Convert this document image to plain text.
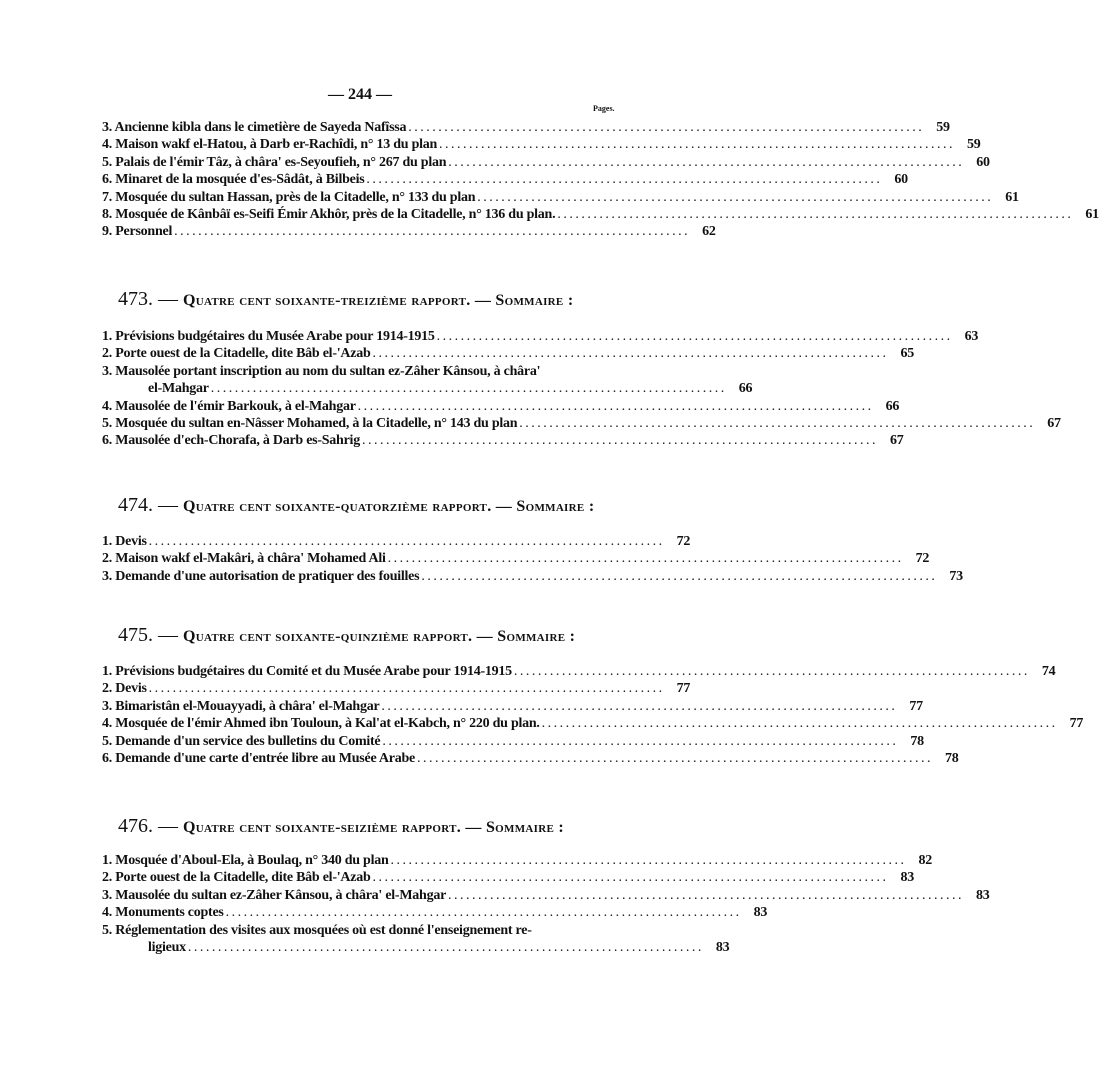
— 244 —
Pages.
3. Ancienne kibla dans le cimetière de Sayeda Nafîssa . . .	59
4. Maison wakf el-Hatou, à Darb er-Rachîdi, n° 13 du plan . . .	59
5. Palais de l'émir Tâz, à châra' es-Seyoufieh, n° 267 du plan . . .	60
6. Minaret de la mosquée d'es-Sâdât, à Bilbeis . . .	60
7. Mosquée du sultan Hassan, près de la Citadelle, n° 133 du plan . . .	61
8. Mosquée de Kânbâï es-Seifi Émir Akhôr, près de la Citadelle, n° 136 du plan. . . .	61
9. Personnel . . .	62
473. — Quatre cent soixante-treizième rapport. — Sommaire :
1. Prévisions budgétaires du Musée Arabe pour 1914-1915 . . .	63
2. Porte ouest de la Citadelle, dite Bâb el-'Azab . . .	65
3. Mausolée portant inscription au nom du sultan ez-Zâher Kânsou, à châra'
el-Mahgar . . .	66
4. Mausolée de l'émir Barkouk, à el-Mahgar . . .	66
5. Mosquée du sultan en-Nâsser Mohamed, à la Citadelle, n° 143 du plan . . .	67
6. Mausolée d'ech-Chorafa, à Darb es-Sahrig . . .	67
474. — Quatre cent soixante-quatorzième rapport. — Sommaire :
1. Devis . . .	72
2. Maison wakf el-Makâri, à châra' Mohamed Ali . . .	72
3. Demande d'une autorisation de pratiquer des fouilles . . .	73
475. — Quatre cent soixante-quinzième rapport. — Sommaire :
1. Prévisions budgétaires du Comité et du Musée Arabe pour 1914-1915 . . .	74
2. Devis . . .	77
3. Bimaristân el-Mouayyadi, à châra' el-Mahgar . . .	77
4. Mosquée de l'émir Ahmed ibn Touloun, à Kal'at el-Kabch, n° 220 du plan. . . .	77
5. Demande d'un service des bulletins du Comité . . .	78
6. Demande d'une carte d'entrée libre au Musée Arabe . . .	78
476. — Quatre cent soixante-seizième rapport. — Sommaire :
1. Mosquée d'Aboul-Ela, à Boulaq, n° 340 du plan . . .	82
2. Porte ouest de la Citadelle, dite Bâb el-'Azab . . .	83
3. Mausolée du sultan ez-Zâher Kânsou, à châra' el-Mahgar . . .	83
4. Monuments coptes . . .	83
5. Réglementation des visites aux mosquées où est donné l'enseignement re-
ligieux . . .	83
